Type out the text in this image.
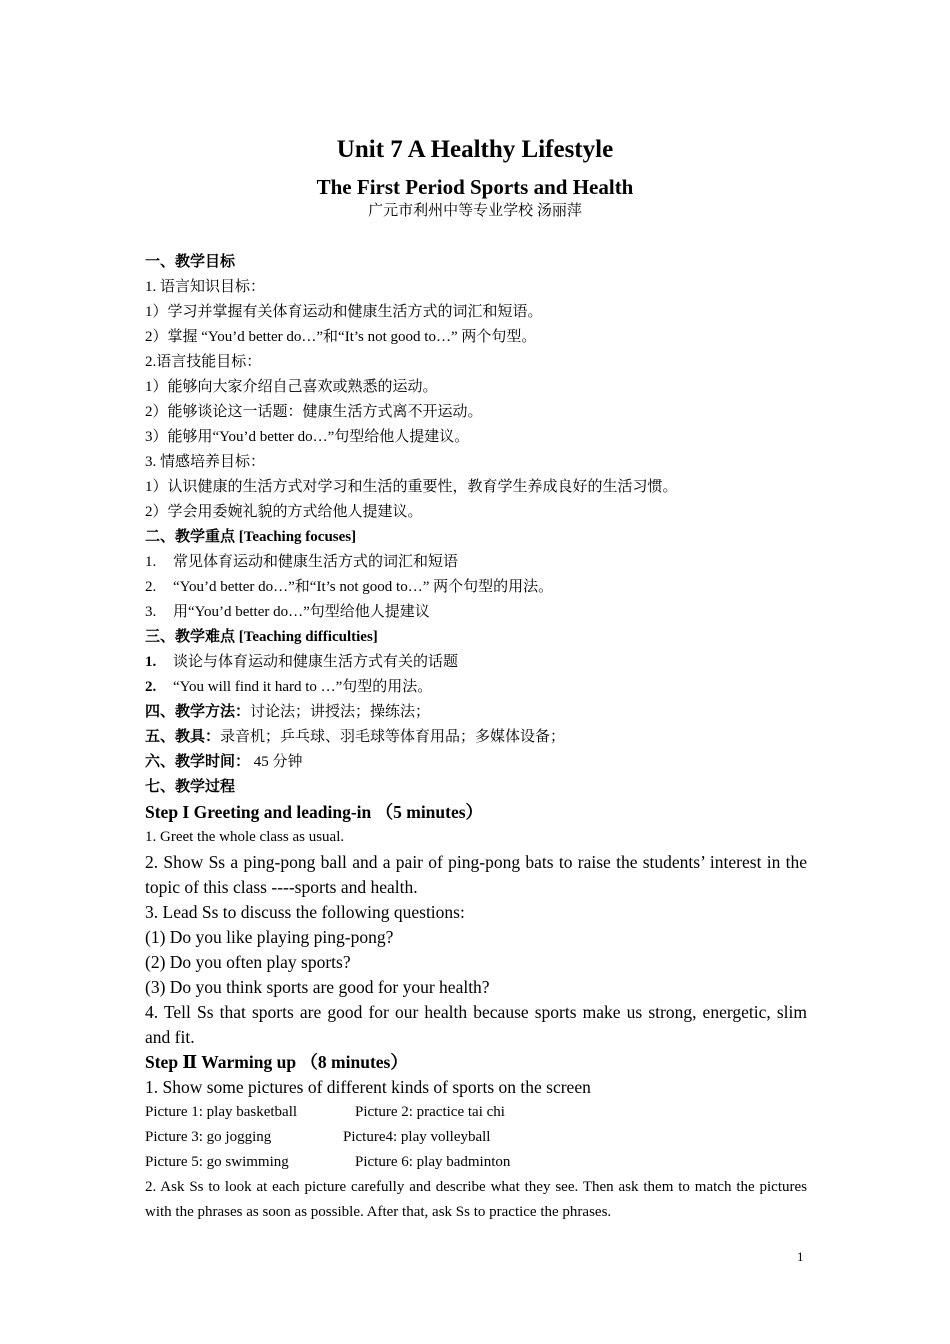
Unit 7 A Healthy Lifestyle
The First Period Sports and Health
广元市利州中等专业学校 汤丽萍
一、教学目标
1. 语言知识目标：
1）学习并掌握有关体育运动和健康生活方式的词汇和短语。
2）掌握 “You’d better do…”和“It’s not good to…” 两个句型。
2.语言技能目标：
1）能够向大家介绍自己喜欢或熟悉的运动。
2）能够谈论这一话题：健康生活方式离不开运动。
3）能够用“You’d better do…”句型给他人提建议。
3. 情感培养目标：
1）认识健康的生活方式对学习和生活的重要性，教育学生养成良好的生活习惯。
2）学会用委婉礼貌的方式给他人提建议。
二、教学重点 [Teaching focuses]
1. 常见体育运动和健康生活方式的词汇和短语
2. “You’d better do…”和“It’s not good to…” 两个句型的用法。
3. 用“You’d better do…”句型给他人提建议
三、教学难点 [Teaching difficulties]
1. 谈论与体育运动和健康生活方式有关的话题
2. “You will find it hard to …”句型的用法。
四、教学方法：讨论法；讲授法；操练法；
五、教具：录音机；乒乓球、羽毛球等体育用品；多媒体设备；
六、教学时间： 45 分钟
七、教学过程
Step I Greeting and leading-in （5 minutes）
1. Greet the whole class as usual.
2. Show Ss a ping-pong ball and a pair of ping-pong bats to raise the students’ interest in the topic of this class ----sports and health.
3. Lead Ss to discuss the following questions:
(1) Do you like playing ping-pong?
(2) Do you often play sports?
(3) Do you think sports are good for your health?
4. Tell Ss that sports are good for our health because sports make us strong, energetic, slim and fit.
Step Ⅱ Warming up （8 minutes）
1. Show some pictures of different kinds of sports on the screen
Picture 1: play basketball	Picture 2: practice tai chi
Picture 3: go jogging	Picture4: play volleyball
Picture 5: go swimming	Picture 6: play badminton
2. Ask Ss to look at each picture carefully and describe what they see. Then ask them to match the pictures with the phrases as soon as possible. After that, ask Ss to practice the phrases.
1
